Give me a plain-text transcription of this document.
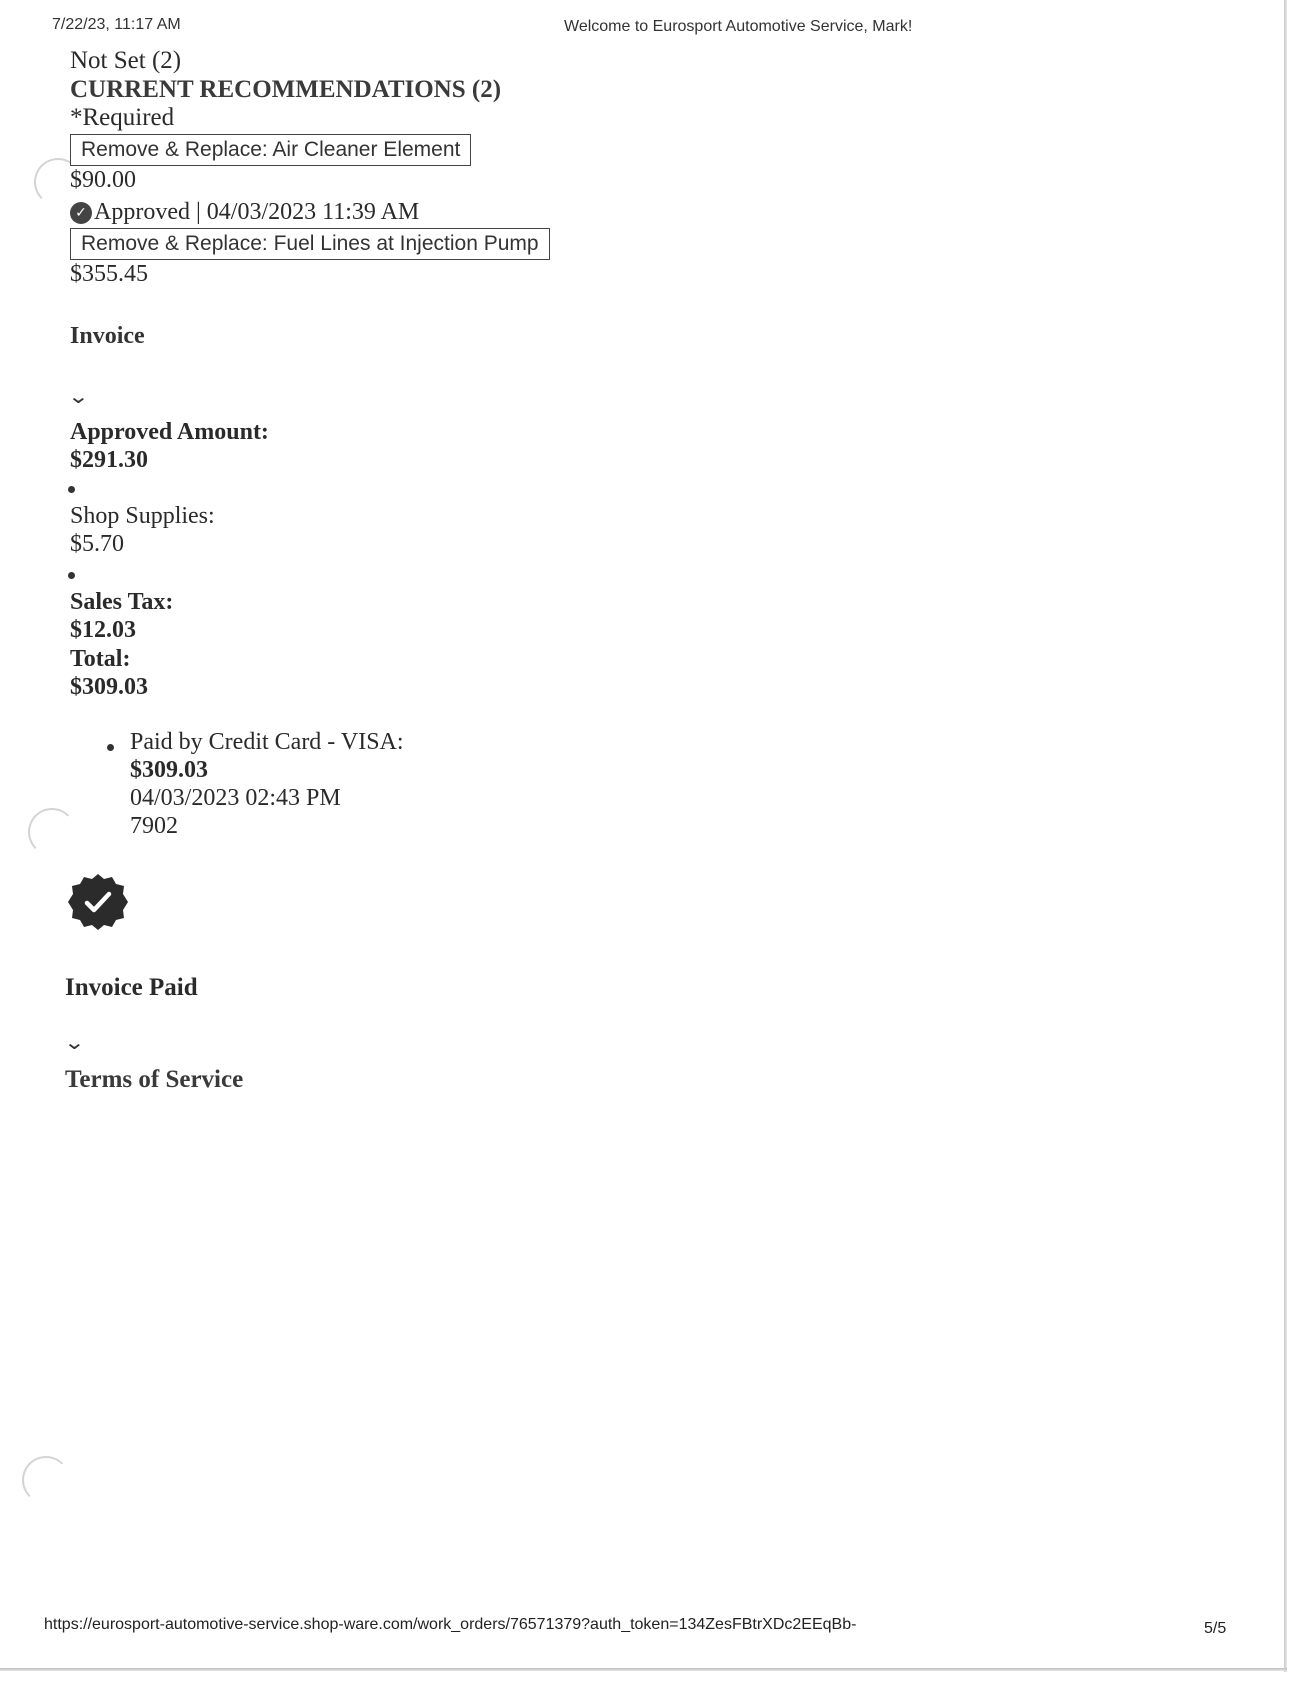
7/22/23, 11:17 AM	Welcome to Eurosport Automotive Service, Mark!
Not Set (2)
CURRENT RECOMMENDATIONS (2)
*Required
Remove & Replace: Air Cleaner Element
$90.00
✓ Approved | 04/03/2023 11:39 AM
Remove & Replace: Fuel Lines at Injection Pump
$355.45
Invoice
⌄
Approved Amount:
$291.30
Shop Supplies:
$5.70
Sales Tax:
$12.03
Total:
$309.03
Paid by Credit Card - VISA:
$309.03
04/03/2023 02:43 PM
7902
Invoice Paid
⌄
Terms of Service
https://eurosport-automotive-service.shop-ware.com/work_orders/76571379?auth_token=134ZesFBtrXDc2EEqBb-	5/5
